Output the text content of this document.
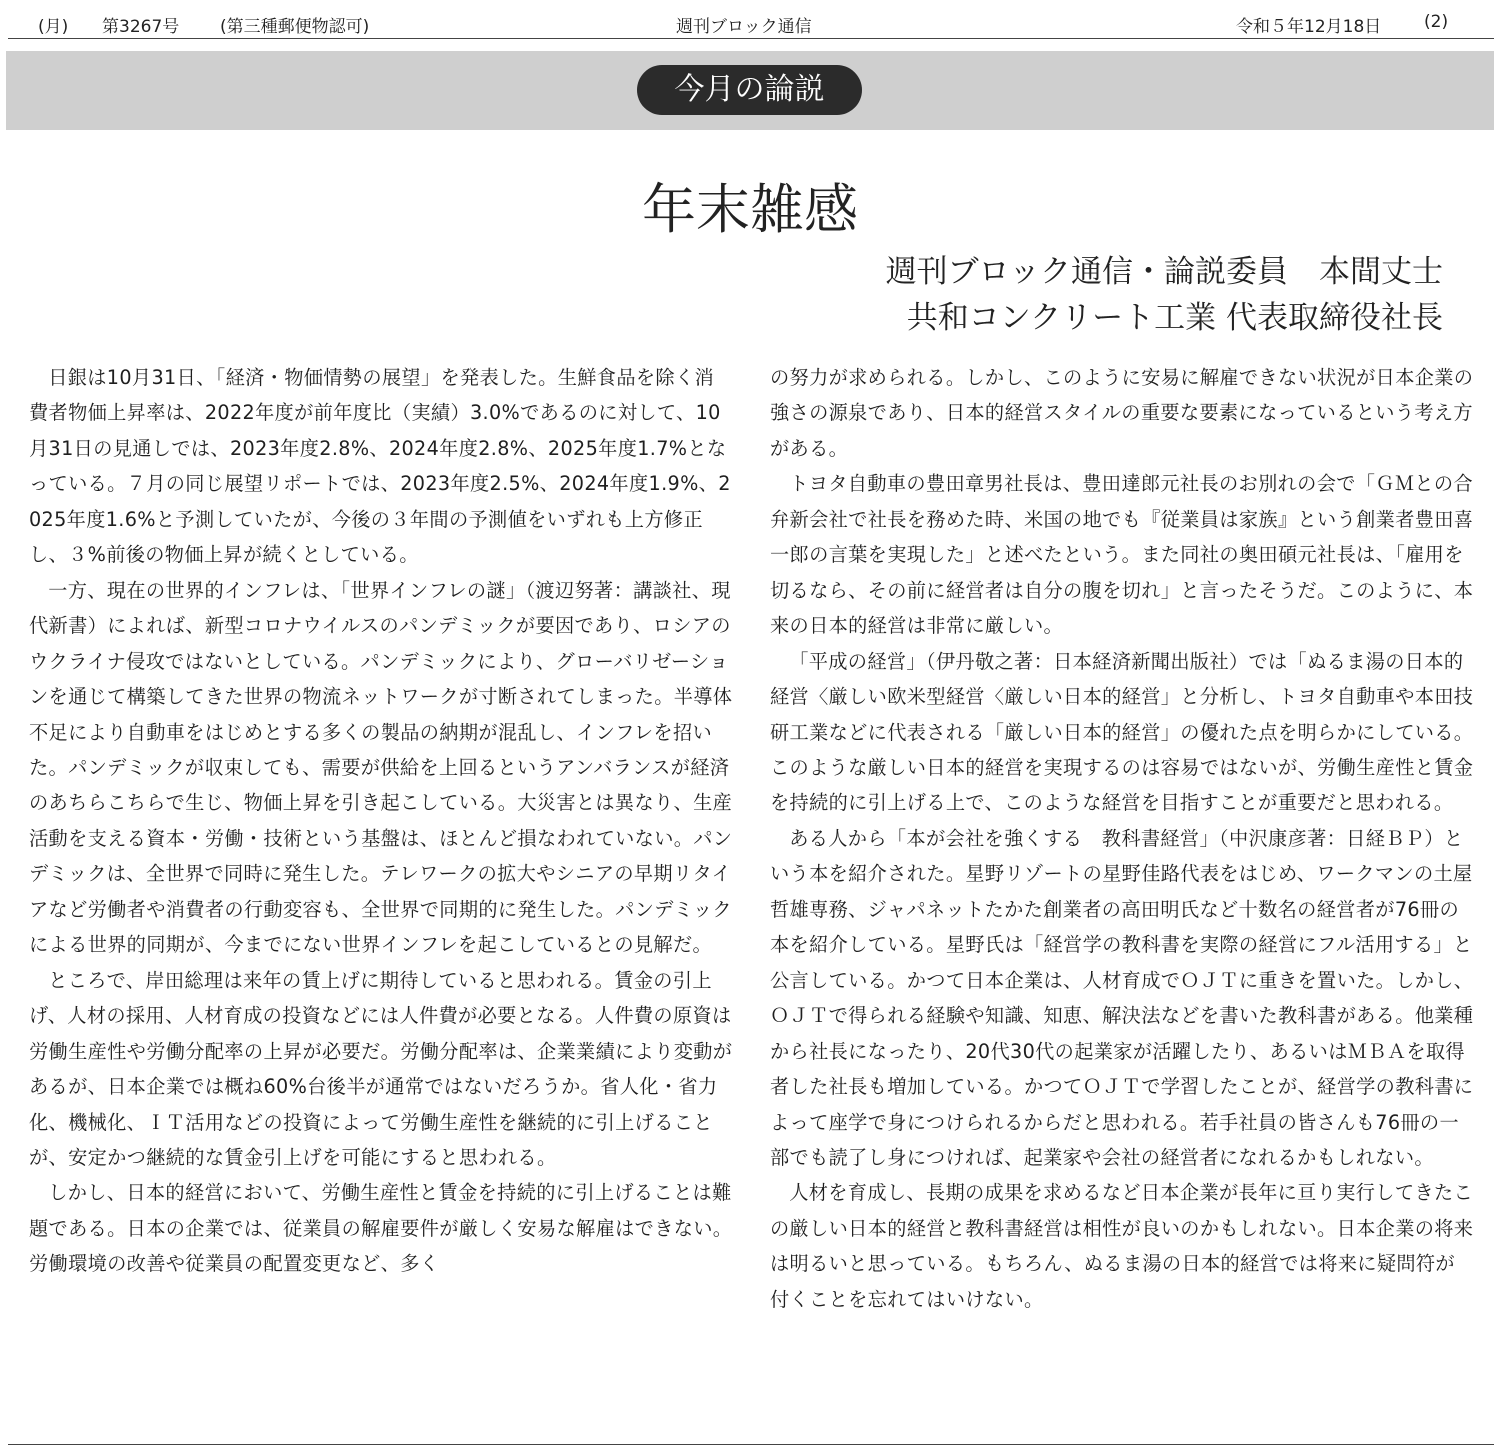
(月) 第3267号 (第三種郵便物認可)	週刊ブロック通信	令和５年12月18日	(2)
今月の論説
年末雑感
週刊ブロック通信・論説委員　本間丈士
共和コンクリート工業 代表取締役社長

日銀は10月31日、「経済・物価情勢の展望」を発表した。生鮮食品を除く消費者物価上昇率は、2022年度が前年度比（実績）3.0%であるのに対して、10月31日の見通しでは、2023年度2.8%、2024年度2.8%、2025年度1.7%となっている。７月の同じ展望リポートでは、2023年度2.5%、2024年度1.9%、2025年度1.6%と予測していたが、今後の３年間の予測値をいずれも上方修正し、３%前後の物価上昇が続くとしている。

一方、現在の世界的インフレは、「世界インフレの謎」（渡辺努著：講談社、現代新書）によれば、新型コロナウイルスのパンデミックが要因であり、ロシアのウクライナ侵攻ではないとしている。パンデミックにより、グローバリゼーションを通じて構築してきた世界の物流ネットワークが寸断されてしまった。半導体不足により自動車をはじめとする多くの製品の納期が混乱し、インフレを招いた。パンデミックが収束しても、需要が供給を上回るというアンバランスが経済のあちらこちらで生じ、物価上昇を引き起こしている。大災害とは異なり、生産活動を支える資本・労働・技術という基盤は、ほとんど損なわれていない。パンデミックは、全世界で同時に発生した。テレワークの拡大やシニアの早期リタイアなど労働者や消費者の行動変容も、全世界で同期的に発生した。パンデミックによる世界的同期が、今までにない世界インフレを起こしているとの見解だ。

ところで、岸田総理は来年の賃上げに期待していると思われる。賃金の引上げ、人材の採用、人材育成の投資などには人件費が必要となる。人件費の原資は労働生産性や労働分配率の上昇が必要だ。労働分配率は、企業業績により変動があるが、日本企業では概ね60%台後半が通常ではないだろうか。省人化・省力化、機械化、ＩＴ活用などの投資によって労働生産性を継続的に引上げることが、安定かつ継続的な賃金引上げを可能にすると思われる。

しかし、日本的経営において、労働生産性と賃金を持続的に引上げることは難題である。日本の企業では、従業員の解雇要件が厳しく安易な解雇はできない。労働環境の改善や従業員の配置変更など、多く

の努力が求められる。しかし、このように安易に解雇できない状況が日本企業の強さの源泉であり、日本的経営スタイルの重要な要素になっているという考え方がある。

トヨタ自動車の豊田章男社長は、豊田達郎元社長のお別れの会で「ＧＭとの合弁新会社で社長を務めた時、米国の地でも『従業員は家族』という創業者豊田喜一郎の言葉を実現した」と述べたという。また同社の奥田碩元社長は、「雇用を切るなら、その前に経営者は自分の腹を切れ」と言ったそうだ。このように、本来の日本的経営は非常に厳しい。

「平成の経営」（伊丹敬之著：日本経済新聞出版社）では「ぬるま湯の日本的経営〈厳しい欧米型経営〈厳しい日本的経営」と分析し、トヨタ自動車や本田技研工業などに代表される「厳しい日本的経営」の優れた点を明らかにしている。このような厳しい日本的経営を実現するのは容易ではないが、労働生産性と賃金を持続的に引上げる上で、このような経営を目指すことが重要だと思われる。

ある人から「本が会社を強くする　教科書経営」（中沢康彦著：日経ＢＰ）という本を紹介された。星野リゾートの星野佳路代表をはじめ、ワークマンの土屋哲雄専務、ジャパネットたかた創業者の高田明氏など十数名の経営者が76冊の本を紹介している。星野氏は「経営学の教科書を実際の経営にフル活用する」と公言している。かつて日本企業は、人材育成でＯＪＴに重きを置いた。しかし、ＯＪＴで得られる経験や知識、知恵、解決法などを書いた教科書がある。他業種から社長になったり、20代30代の起業家が活躍したり、あるいはＭＢＡを取得者した社長も増加している。かつてＯＪＴで学習したことが、経営学の教科書によって座学で身につけられるからだと思われる。若手社員の皆さんも76冊の一部でも読了し身につければ、起業家や会社の経営者になれるかもしれない。

人材を育成し、長期の成果を求めるなど日本企業が長年に亘り実行してきたこの厳しい日本的経営と教科書経営は相性が良いのかもしれない。日本企業の将来は明るいと思っている。もちろん、ぬるま湯の日本的経営では将来に疑問符が付くことを忘れてはいけない。
